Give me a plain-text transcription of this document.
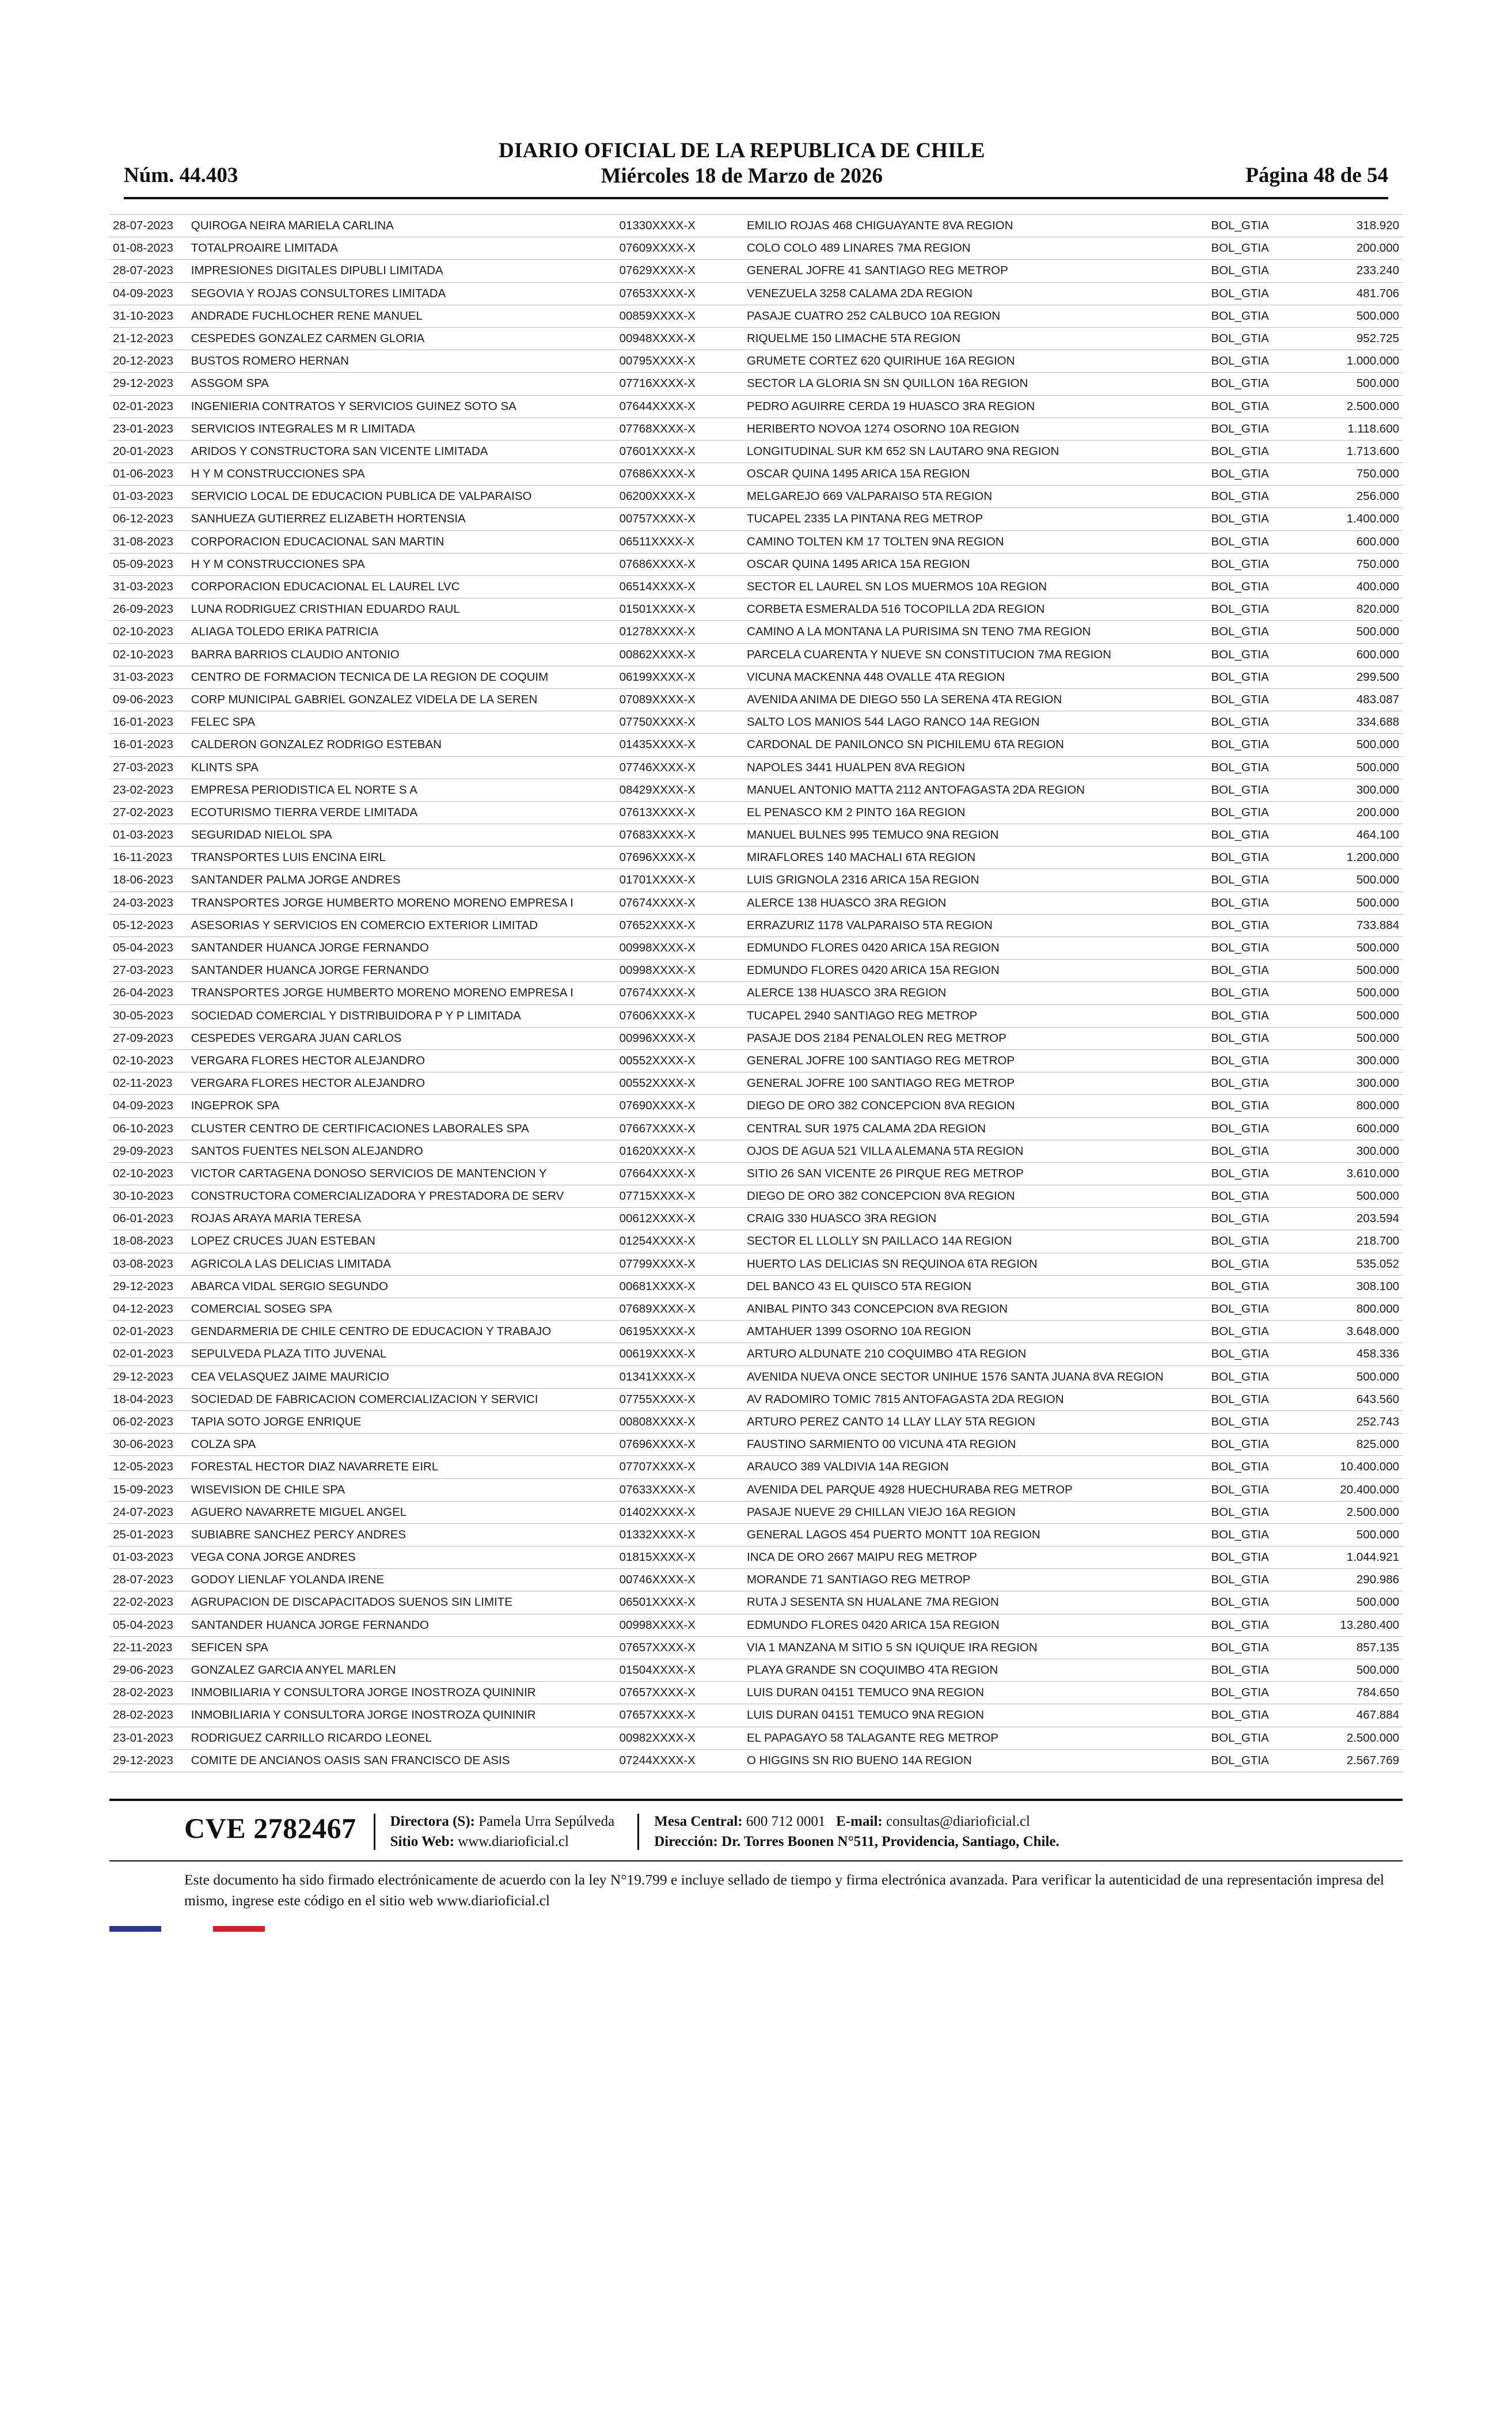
Núm. 44.403
DIARIO OFICIAL DE LA REPUBLICA DE CHILE
Miércoles 18 de Marzo de 2026	Página 48 de 54
28-07-2023	QUIROGA NEIRA MARIELA CARLINA	01330XXXX-X	EMILIO ROJAS 468 CHIGUAYANTE 8VA REGION	BOL_GTIA	318.920
01-08-2023	TOTALPROAIRE LIMITADA	07609XXXX-X	COLO COLO 489 LINARES 7MA REGION	BOL_GTIA	200.000
28-07-2023	IMPRESIONES DIGITALES DIPUBLI LIMITADA	07629XXXX-X	GENERAL JOFRE 41 SANTIAGO REG METROP	BOL_GTIA	233.240
04-09-2023	SEGOVIA Y ROJAS CONSULTORES LIMITADA	07653XXXX-X	VENEZUELA 3258 CALAMA 2DA REGION	BOL_GTIA	481.706
31-10-2023	ANDRADE FUCHLOCHER RENE MANUEL	00859XXXX-X	PASAJE CUATRO 252 CALBUCO 10A REGION	BOL_GTIA	500.000
21-12-2023	CESPEDES GONZALEZ CARMEN GLORIA	00948XXXX-X	RIQUELME 150 LIMACHE 5TA REGION	BOL_GTIA	952.725
20-12-2023	BUSTOS ROMERO HERNAN	00795XXXX-X	GRUMETE CORTEZ 620 QUIRIHUE 16A REGION	BOL_GTIA	1.000.000
29-12-2023	ASSGOM SPA	07716XXXX-X	SECTOR LA GLORIA SN SN QUILLON 16A REGION	BOL_GTIA	500.000
02-01-2023	INGENIERIA CONTRATOS Y SERVICIOS GUINEZ SOTO SA	07644XXXX-X	PEDRO AGUIRRE CERDA 19 HUASCO 3RA REGION	BOL_GTIA	2.500.000
23-01-2023	SERVICIOS INTEGRALES M R LIMITADA	07768XXXX-X	HERIBERTO NOVOA 1274 OSORNO 10A REGION	BOL_GTIA	1.118.600
20-01-2023	ARIDOS Y CONSTRUCTORA SAN VICENTE LIMITADA	07601XXXX-X	LONGITUDINAL SUR KM 652 SN LAUTARO 9NA REGION	BOL_GTIA	1.713.600
01-06-2023	H Y M CONSTRUCCIONES SPA	07686XXXX-X	OSCAR QUINA 1495 ARICA 15A REGION	BOL_GTIA	750.000
01-03-2023	SERVICIO LOCAL DE EDUCACION PUBLICA DE VALPARAISO	06200XXXX-X	MELGAREJO 669 VALPARAISO 5TA REGION	BOL_GTIA	256.000
06-12-2023	SANHUEZA GUTIERREZ ELIZABETH HORTENSIA	00757XXXX-X	TUCAPEL 2335 LA PINTANA REG METROP	BOL_GTIA	1.400.000
31-08-2023	CORPORACION EDUCACIONAL SAN MARTIN	06511XXXX-X	CAMINO TOLTEN KM 17 TOLTEN 9NA REGION	BOL_GTIA	600.000
05-09-2023	H Y M CONSTRUCCIONES SPA	07686XXXX-X	OSCAR QUINA 1495 ARICA 15A REGION	BOL_GTIA	750.000
31-03-2023	CORPORACION EDUCACIONAL EL LAUREL LVC	06514XXXX-X	SECTOR EL LAUREL SN LOS MUERMOS 10A REGION	BOL_GTIA	400.000
26-09-2023	LUNA RODRIGUEZ CRISTHIAN EDUARDO RAUL	01501XXXX-X	CORBETA ESMERALDA 516 TOCOPILLA 2DA REGION	BOL_GTIA	820.000
02-10-2023	ALIAGA TOLEDO ERIKA PATRICIA	01278XXXX-X	CAMINO A LA MONTANA LA PURISIMA SN TENO 7MA REGION	BOL_GTIA	500.000
02-10-2023	BARRA BARRIOS CLAUDIO ANTONIO	00862XXXX-X	PARCELA CUARENTA Y NUEVE SN CONSTITUCION 7MA REGION	BOL_GTIA	600.000
31-03-2023	CENTRO DE FORMACION TECNICA DE LA REGION DE COQUIM	06199XXXX-X	VICUNA MACKENNA 448 OVALLE 4TA REGION	BOL_GTIA	299.500
09-06-2023	CORP MUNICIPAL GABRIEL GONZALEZ VIDELA DE LA SEREN	07089XXXX-X	AVENIDA ANIMA DE DIEGO 550 LA SERENA 4TA REGION	BOL_GTIA	483.087
16-01-2023	FELEC SPA	07750XXXX-X	SALTO LOS MANIOS 544 LAGO RANCO 14A REGION	BOL_GTIA	334.688
16-01-2023	CALDERON GONZALEZ RODRIGO ESTEBAN	01435XXXX-X	CARDONAL DE PANILONCO SN PICHILEMU 6TA REGION	BOL_GTIA	500.000
27-03-2023	KLINTS SPA	07746XXXX-X	NAPOLES 3441 HUALPEN 8VA REGION	BOL_GTIA	500.000
23-02-2023	EMPRESA PERIODISTICA EL NORTE S A	08429XXXX-X	MANUEL ANTONIO MATTA 2112 ANTOFAGASTA 2DA REGION	BOL_GTIA	300.000
27-02-2023	ECOTURISMO TIERRA VERDE LIMITADA	07613XXXX-X	EL PENASCO KM 2 PINTO 16A REGION	BOL_GTIA	200.000
01-03-2023	SEGURIDAD NIELOL SPA	07683XXXX-X	MANUEL BULNES 995 TEMUCO 9NA REGION	BOL_GTIA	464.100
16-11-2023	TRANSPORTES LUIS ENCINA EIRL	07696XXXX-X	MIRAFLORES 140 MACHALI 6TA REGION	BOL_GTIA	1.200.000
18-06-2023	SANTANDER PALMA JORGE ANDRES	01701XXXX-X	LUIS GRIGNOLA 2316 ARICA 15A REGION	BOL_GTIA	500.000
24-03-2023	TRANSPORTES JORGE HUMBERTO MORENO MORENO EMPRESA I	07674XXXX-X	ALERCE 138 HUASCO 3RA REGION	BOL_GTIA	500.000
05-12-2023	ASESORIAS Y SERVICIOS EN COMERCIO EXTERIOR LIMITAD	07652XXXX-X	ERRAZURIZ 1178 VALPARAISO 5TA REGION	BOL_GTIA	733.884
05-04-2023	SANTANDER HUANCA JORGE FERNANDO	00998XXXX-X	EDMUNDO FLORES 0420 ARICA 15A REGION	BOL_GTIA	500.000
27-03-2023	SANTANDER HUANCA JORGE FERNANDO	00998XXXX-X	EDMUNDO FLORES 0420 ARICA 15A REGION	BOL_GTIA	500.000
26-04-2023	TRANSPORTES JORGE HUMBERTO MORENO MORENO EMPRESA I	07674XXXX-X	ALERCE 138 HUASCO 3RA REGION	BOL_GTIA	500.000
30-05-2023	SOCIEDAD COMERCIAL Y DISTRIBUIDORA P Y P LIMITADA	07606XXXX-X	TUCAPEL 2940 SANTIAGO REG METROP	BOL_GTIA	500.000
27-09-2023	CESPEDES VERGARA JUAN CARLOS	00996XXXX-X	PASAJE DOS 2184 PENALOLEN REG METROP	BOL_GTIA	500.000
02-10-2023	VERGARA FLORES HECTOR ALEJANDRO	00552XXXX-X	GENERAL JOFRE 100 SANTIAGO REG METROP	BOL_GTIA	300.000
02-11-2023	VERGARA FLORES HECTOR ALEJANDRO	00552XXXX-X	GENERAL JOFRE 100 SANTIAGO REG METROP	BOL_GTIA	300.000
04-09-2023	INGEPROK SPA	07690XXXX-X	DIEGO DE ORO 382 CONCEPCION 8VA REGION	BOL_GTIA	800.000
06-10-2023	CLUSTER CENTRO DE CERTIFICACIONES LABORALES SPA	07667XXXX-X	CENTRAL SUR 1975 CALAMA 2DA REGION	BOL_GTIA	600.000
29-09-2023	SANTOS FUENTES NELSON ALEJANDRO	01620XXXX-X	OJOS DE AGUA 521 VILLA ALEMANA 5TA REGION	BOL_GTIA	300.000
02-10-2023	VICTOR CARTAGENA DONOSO SERVICIOS DE MANTENCION Y	07664XXXX-X	SITIO 26 SAN VICENTE 26 PIRQUE REG METROP	BOL_GTIA	3.610.000
30-10-2023	CONSTRUCTORA COMERCIALIZADORA Y PRESTADORA DE SERV	07715XXXX-X	DIEGO DE ORO 382 CONCEPCION 8VA REGION	BOL_GTIA	500.000
06-01-2023	ROJAS ARAYA MARIA TERESA	00612XXXX-X	CRAIG 330 HUASCO 3RA REGION	BOL_GTIA	203.594
18-08-2023	LOPEZ CRUCES JUAN ESTEBAN	01254XXXX-X	SECTOR EL LLOLLY SN PAILLACO 14A REGION	BOL_GTIA	218.700
03-08-2023	AGRICOLA LAS DELICIAS LIMITADA	07799XXXX-X	HUERTO LAS DELICIAS SN REQUINOA 6TA REGION	BOL_GTIA	535.052
29-12-2023	ABARCA VIDAL SERGIO SEGUNDO	00681XXXX-X	DEL BANCO 43 EL QUISCO 5TA REGION	BOL_GTIA	308.100
04-12-2023	COMERCIAL SOSEG SPA	07689XXXX-X	ANIBAL PINTO 343 CONCEPCION 8VA REGION	BOL_GTIA	800.000
02-01-2023	GENDARMERIA DE CHILE CENTRO DE EDUCACION Y TRABAJO	06195XXXX-X	AMTAHUER 1399 OSORNO 10A REGION	BOL_GTIA	3.648.000
02-01-2023	SEPULVEDA PLAZA TITO JUVENAL	00619XXXX-X	ARTURO ALDUNATE 210 COQUIMBO 4TA REGION	BOL_GTIA	458.336
29-12-2023	CEA VELASQUEZ JAIME MAURICIO	01341XXXX-X	AVENIDA NUEVA ONCE SECTOR UNIHUE 1576 SANTA JUANA 8VA REGION	BOL_GTIA	500.000
18-04-2023	SOCIEDAD DE FABRICACION COMERCIALIZACION Y SERVICI	07755XXXX-X	AV RADOMIRO TOMIC 7815 ANTOFAGASTA 2DA REGION	BOL_GTIA	643.560
06-02-2023	TAPIA SOTO JORGE ENRIQUE	00808XXXX-X	ARTURO PEREZ CANTO 14 LLAY LLAY 5TA REGION	BOL_GTIA	252.743
30-06-2023	COLZA SPA	07696XXXX-X	FAUSTINO SARMIENTO 00 VICUNA 4TA REGION	BOL_GTIA	825.000
12-05-2023	FORESTAL HECTOR DIAZ NAVARRETE EIRL	07707XXXX-X	ARAUCO 389 VALDIVIA 14A REGION	BOL_GTIA	10.400.000
15-09-2023	WISEVISION DE CHILE SPA	07633XXXX-X	AVENIDA DEL PARQUE 4928 HUECHURABA REG METROP	BOL_GTIA	20.400.000
24-07-2023	AGUERO NAVARRETE MIGUEL ANGEL	01402XXXX-X	PASAJE NUEVE 29 CHILLAN VIEJO 16A REGION	BOL_GTIA	2.500.000
25-01-2023	SUBIABRE SANCHEZ PERCY ANDRES	01332XXXX-X	GENERAL LAGOS 454 PUERTO MONTT 10A REGION	BOL_GTIA	500.000
01-03-2023	VEGA CONA JORGE ANDRES	01815XXXX-X	INCA DE ORO 2667 MAIPU REG METROP	BOL_GTIA	1.044.921
28-07-2023	GODOY LIENLAF YOLANDA IRENE	00746XXXX-X	MORANDE 71 SANTIAGO REG METROP	BOL_GTIA	290.986
22-02-2023	AGRUPACION DE DISCAPACITADOS SUENOS SIN LIMITE	06501XXXX-X	RUTA J SESENTA SN HUALANE 7MA REGION	BOL_GTIA	500.000
05-04-2023	SANTANDER HUANCA JORGE FERNANDO	00998XXXX-X	EDMUNDO FLORES 0420 ARICA 15A REGION	BOL_GTIA	13.280.400
22-11-2023	SEFICEN SPA	07657XXXX-X	VIA 1 MANZANA M SITIO 5 SN IQUIQUE IRA REGION	BOL_GTIA	857.135
29-06-2023	GONZALEZ GARCIA ANYEL MARLEN	01504XXXX-X	PLAYA GRANDE SN COQUIMBO 4TA REGION	BOL_GTIA	500.000
28-02-2023	INMOBILIARIA Y CONSULTORA JORGE INOSTROZA QUININIR	07657XXXX-X	LUIS DURAN 04151 TEMUCO 9NA REGION	BOL_GTIA	784.650
28-02-2023	INMOBILIARIA Y CONSULTORA JORGE INOSTROZA QUININIR	07657XXXX-X	LUIS DURAN 04151 TEMUCO 9NA REGION	BOL_GTIA	467.884
23-01-2023	RODRIGUEZ CARRILLO RICARDO LEONEL	00982XXXX-X	EL PAPAGAYO 58 TALAGANTE REG METROP	BOL_GTIA	2.500.000
29-12-2023	COMITE DE ANCIANOS OASIS SAN FRANCISCO DE ASIS	07244XXXX-X	O HIGGINS SN RIO BUENO 14A REGION	BOL_GTIA	2.567.769
CVE 2782467	Directora (S): Pamela Urra Sepúlveda
Sitio Web: www.diarioficial.cl
Mesa Central: 600 712 0001 E-mail: consultas@diarioficial.cl
Dirección: Dr. Torres Boonen N°511, Providencia, Santiago, Chile.
Este documento ha sido firmado electrónicamente de acuerdo con la ley N°19.799 e incluye sellado de tiempo y firma electrónica avanzada. Para verificar la autenticidad de una representación impresa del mismo, ingrese este código en el sitio web www.diarioficial.cl
